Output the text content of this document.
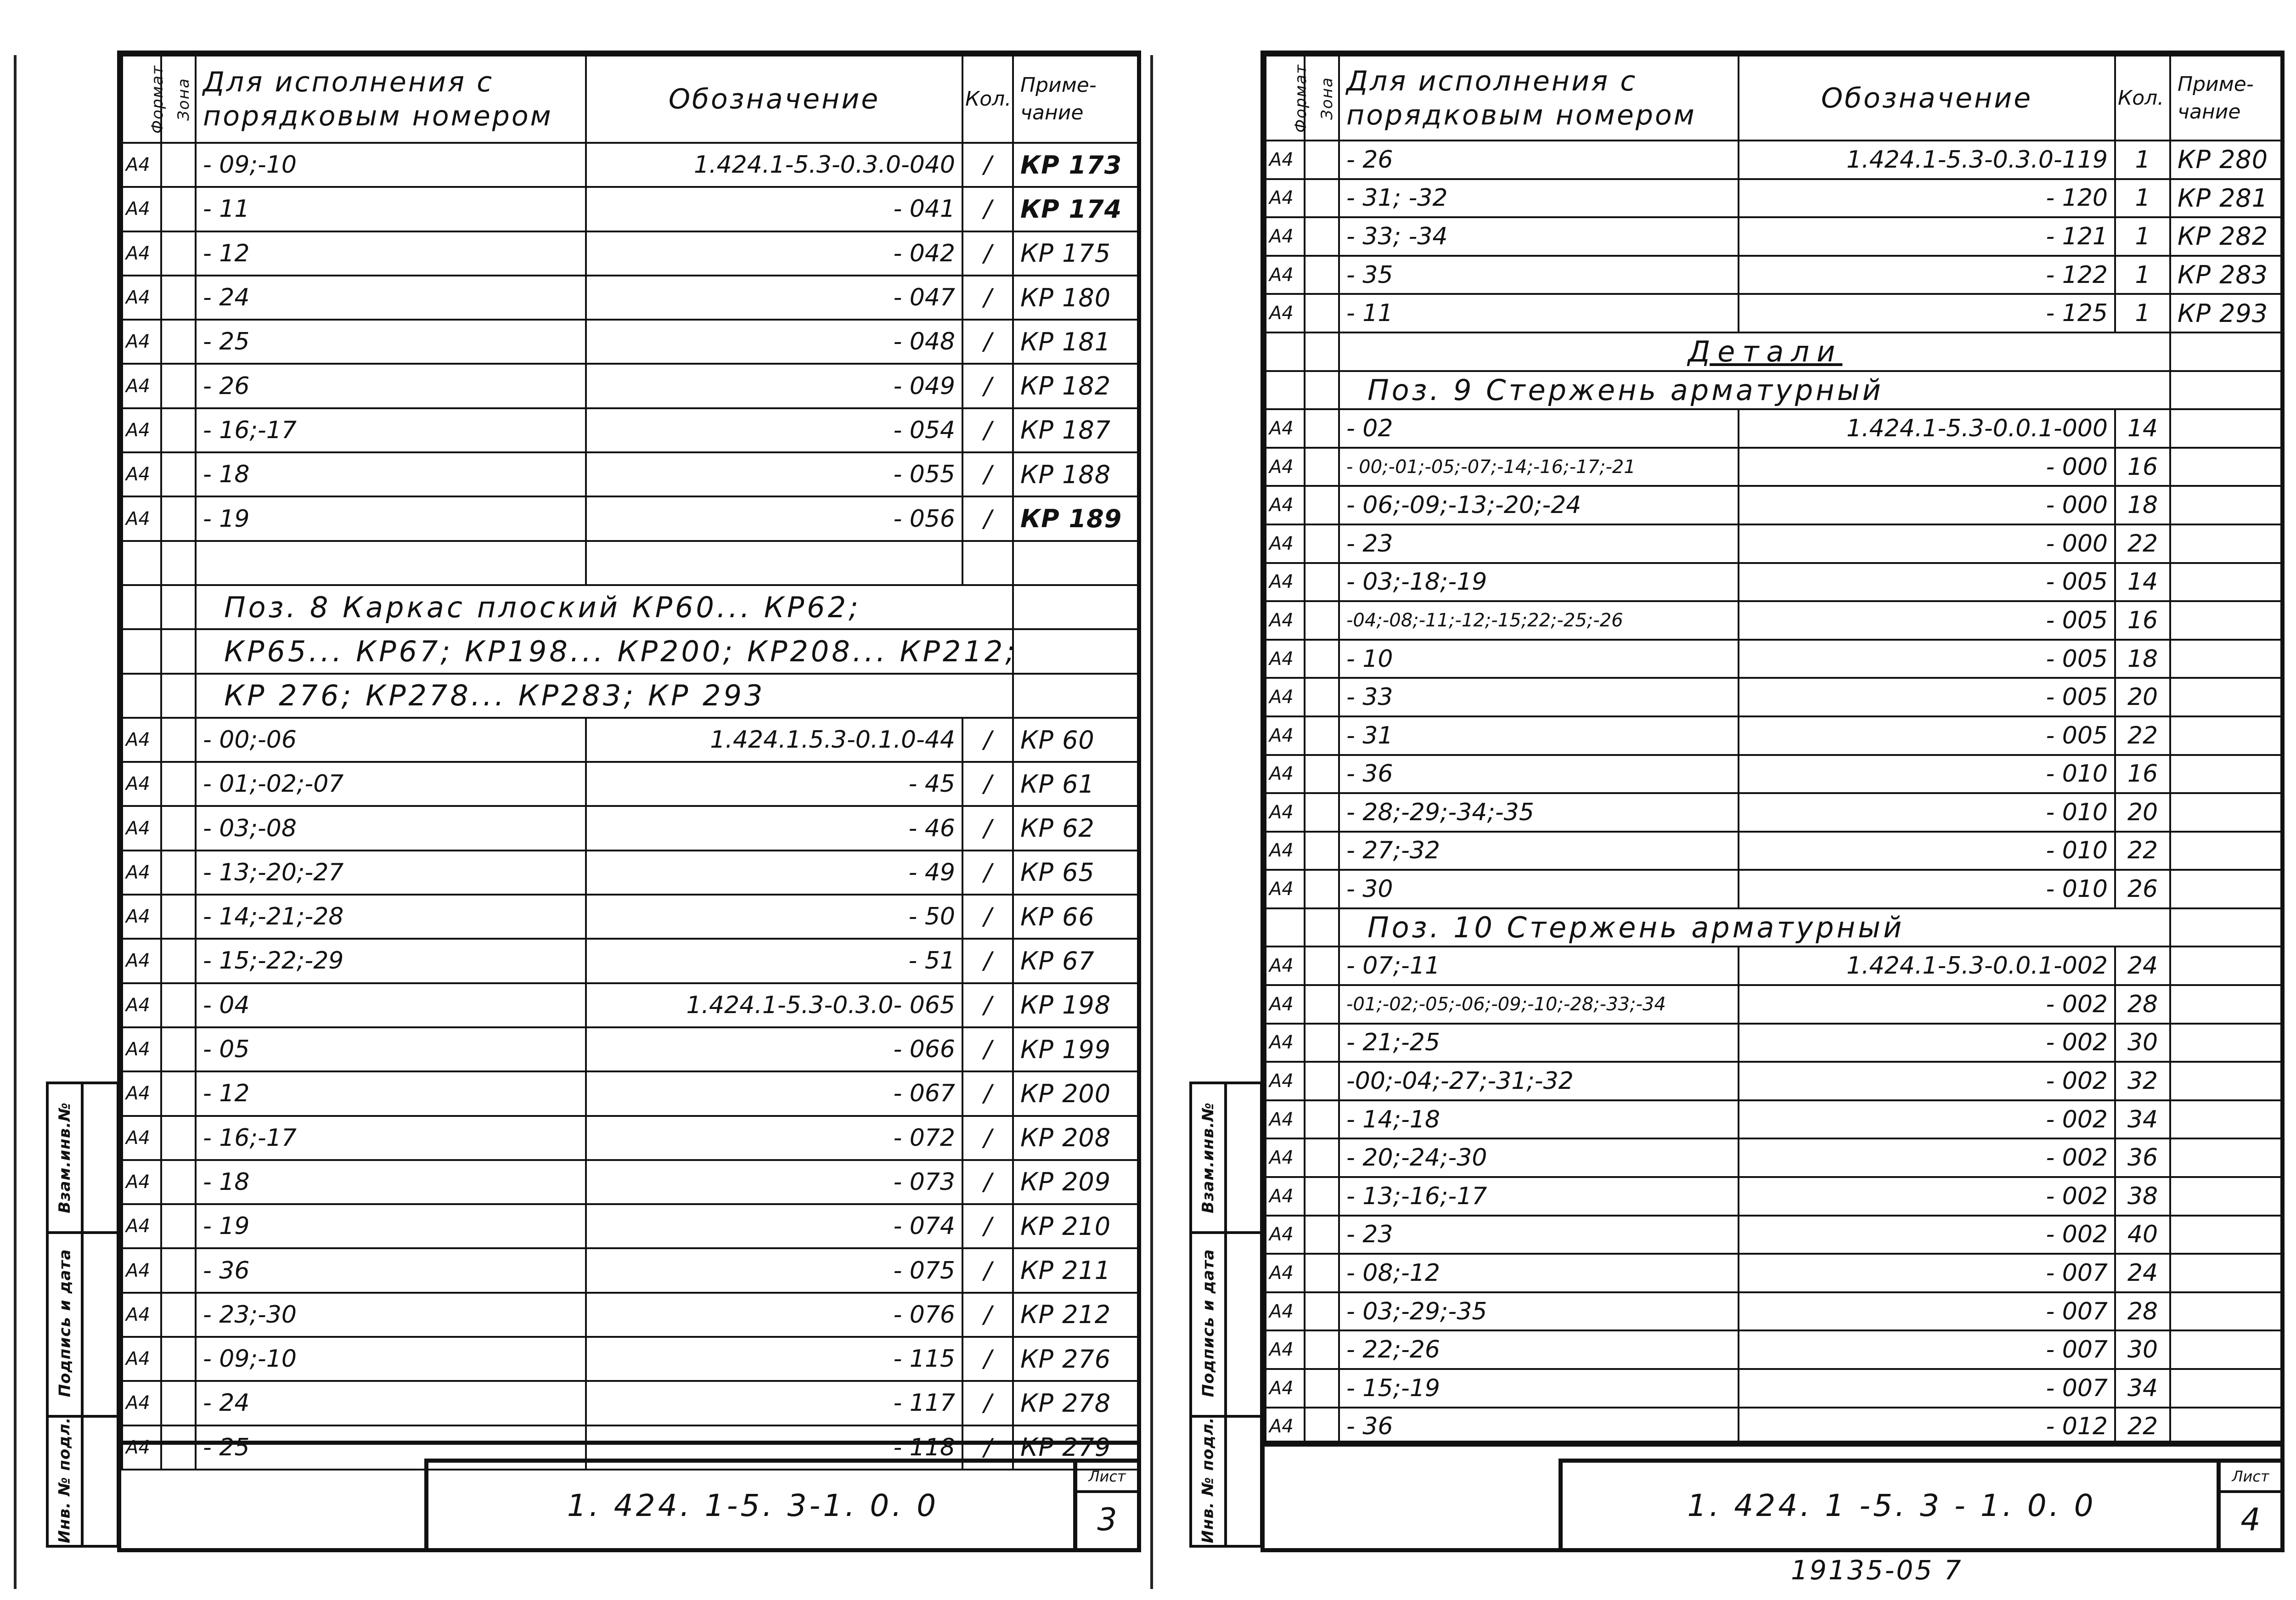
Формат	Зона	Для исполнения с порядковым номером	Обозначение	Кол.	Приме-чание
А4		- 09;-10	1.424.1-5.3-0.3.0-040	/	КР 173
А4		- 11	- 041	/	КР 174
А4		- 12	- 042	/	КР 175
А4		- 24	- 047	/	КР 180
А4		- 25	- 048	/	КР 181
А4		- 26	- 049	/	КР 182
А4		- 16;-17	- 054	/	КР 187
А4		- 18	- 055	/	КР 188
А4		- 19	- 056	/	КР 189

		Поз. 8 Каркас плоский КР60... КР62;			
		КР65... КР67; КР198... КР200; КР208... КР212;			
		КР 276; КР278... КР283; КР 293			
А4		- 00;-06	1.424.1.5.3-0.1.0-44	/	КР 60
А4		- 01;-02;-07	- 45	/	КР 61
А4		- 03;-08	- 46	/	КР 62
А4		- 13;-20;-27	- 49	/	КР 65
А4		- 14;-21;-28	- 50	/	КР 66
А4		- 15;-22;-29	- 51	/	КР 67
А4		- 04	1.424.1-5.3-0.3.0- 065	/	КР 198
А4		- 05	- 066	/	КР 199
А4		- 12	- 067	/	КР 200
А4		- 16;-17	- 072	/	КР 208
А4		- 18	- 073	/	КР 209
А4		- 19	- 074	/	КР 210
А4		- 36	- 075	/	КР 211
А4		- 23;-30	- 076	/	КР 212
А4		- 09;-10	- 115	/	КР 276
А4		- 24	- 117	/	КР 278
А4		- 25	- 118	/	КР 279
1. 424. 1-5. 3-1. 0. 0
Лист
3
Взам.инв.№
Подпись и дата
Инв. № подл.
Формат	Зона	Для исполнения с порядковым номером	Обозначение	Кол.	Приме-чание
А4		- 26	1.424.1-5.3-0.3.0-119	1	КР 280
А4		- 31; -32	- 120	1	КР 281
А4		- 33; -34	- 121	1	КР 282
А4		- 35	- 122	1	КР 283
А4		- 11	- 125	1	КР 293
		Детали			
		Поз. 9 Стержень арматурный			
А4		- 02	1.424.1-5.3-0.0.1-000	14	
А4		- 00;-01;-05;-07;-14;-16;-17;-21	- 000	16	
А4		- 06;-09;-13;-20;-24	- 000	18	
А4		- 23	- 000	22	
А4		- 03;-18;-19	- 005	14	
А4		-04;-08;-11;-12;-15;22;-25;-26	- 005	16	
А4		- 10	- 005	18	
А4		- 33	- 005	20	
А4		- 31	- 005	22	
А4		- 36	- 010	16	
А4		- 28;-29;-34;-35	- 010	20	
А4		- 27;-32	- 010	22	
А4		- 30	- 010	26	
		Поз. 10 Стержень арматурный			
А4		- 07;-11	1.424.1-5.3-0.0.1-002	24	
А4		-01;-02;-05;-06;-09;-10;-28;-33;-34	- 002	28	
А4		- 21;-25	- 002	30	
А4		-00;-04;-27;-31;-32	- 002	32	
А4		- 14;-18	- 002	34	
А4		- 20;-24;-30	- 002	36	
А4		- 13;-16;-17	- 002	38	
А4		- 23	- 002	40	
А4		- 08;-12	- 007	24	
А4		- 03;-29;-35	- 007	28	
А4		- 22;-26	- 007	30	
А4		- 15;-19	- 007	34	
А4		- 36	- 012	22	
1. 424. 1 -5. 3 - 1. 0. 0
Лист
4
Взам.инв.№
Подпись и дата
Инв. № подл.
19135-05 7
